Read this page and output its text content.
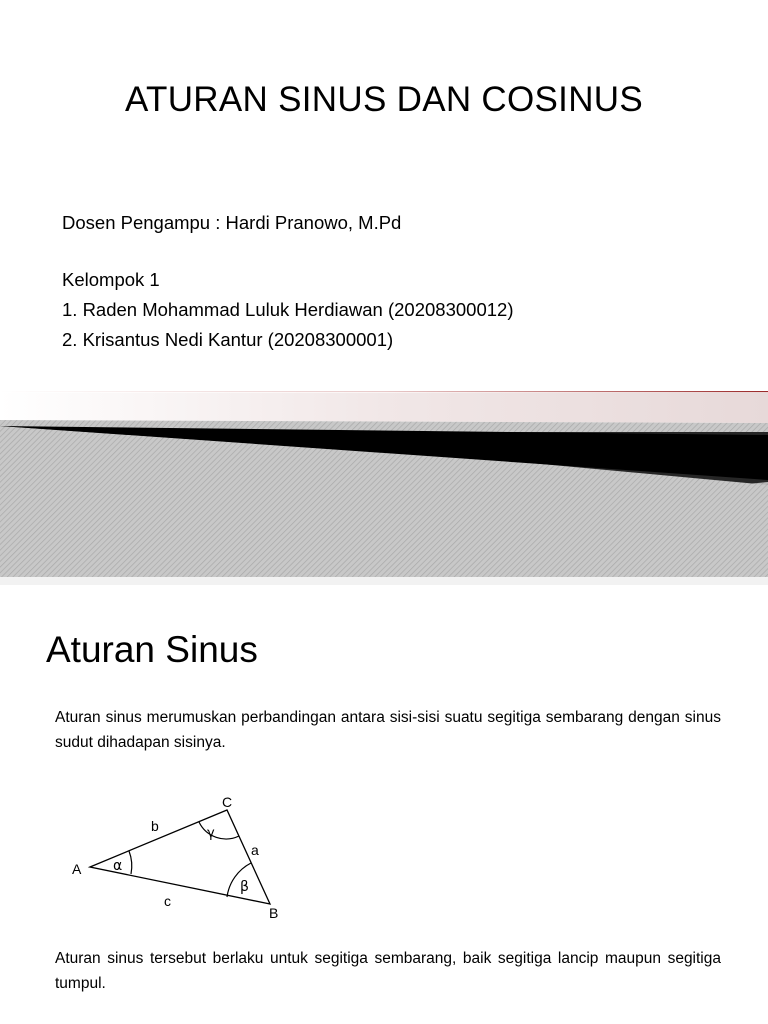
ATURAN SINUS DAN COSINUS
Dosen Pengampu : Hardi Pranowo, M.Pd
Kelompok 1
1. Raden Mohammad Luluk Herdiawan (20208300012)
2. Krisantus Nedi Kantur (20208300001)
Aturan Sinus
Aturan sinus merumuskan perbandingan antara sisi-sisi suatu segitiga sembarang dengan sinus sudut dihadapan sisinya.
A
C
B
b
a
c
α
γ
β
Aturan sinus tersebut berlaku untuk segitiga sembarang, baik segitiga lancip maupun segitiga tumpul.
